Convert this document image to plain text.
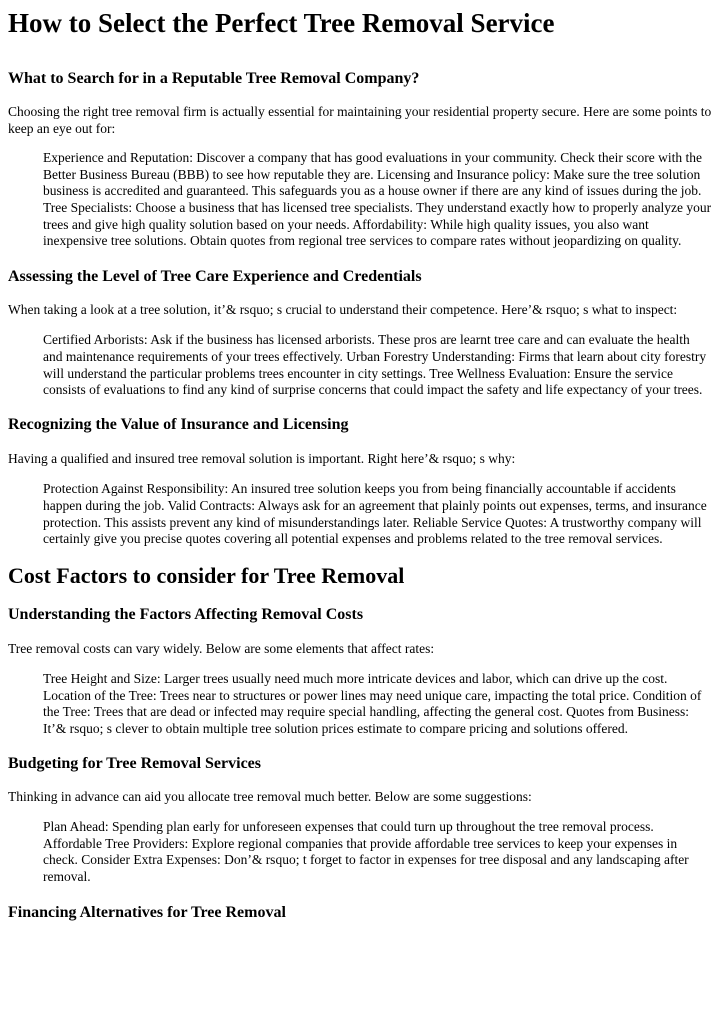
How to Select the Perfect Tree Removal Service
What to Search for in a Reputable Tree Removal Company?

Choosing the right tree removal firm is actually essential for maintaining your residential property secure. Here are some points to keep an eye out for:

Experience and Reputation: Discover a company that has good evaluations in your community. Check their score with the Better Business Bureau (BBB) to see how reputable they are. Licensing and Insurance policy: Make sure the tree solution business is accredited and guaranteed. This safeguards you as a house owner if there are any kind of issues during the job. Tree Specialists: Choose a business that has licensed tree specialists. They understand exactly how to properly analyze your trees and give high quality solution based on your needs. Affordability: While high quality issues, you also want inexpensive tree solutions. Obtain quotes from regional tree services to compare rates without jeopardizing on quality.
Assessing the Level of Tree Care Experience and Credentials

When taking a look at a tree solution, it’& rsquo; s crucial to understand their competence. Here’& rsquo; s what to inspect:

Certified Arborists: Ask if the business has licensed arborists. These pros are learnt tree care and can evaluate the health and maintenance requirements of your trees effectively. Urban Forestry Understanding: Firms that learn about city forestry will understand the particular problems trees encounter in city settings. Tree Wellness Evaluation: Ensure the service consists of evaluations to find any kind of surprise concerns that could impact the safety and life expectancy of your trees.
Recognizing the Value of Insurance and Licensing

Having a qualified and insured tree removal solution is important. Right here’& rsquo; s why:

Protection Against Responsibility: An insured tree solution keeps you from being financially accountable if accidents happen during the job. Valid Contracts: Always ask for an agreement that plainly points out expenses, terms, and insurance protection. This assists prevent any kind of misunderstandings later. Reliable Service Quotes: A trustworthy company will certainly give you precise quotes covering all potential expenses and problems related to the tree removal services.
Cost Factors to consider for Tree Removal
Understanding the Factors Affecting Removal Costs

Tree removal costs can vary widely. Below are some elements that affect rates:

Tree Height and Size: Larger trees usually need much more intricate devices and labor, which can drive up the cost. Location of the Tree: Trees near to structures or power lines may need unique care, impacting the total price. Condition of the Tree: Trees that are dead or infected may require special handling, affecting the general cost. Quotes from Business: It’& rsquo; s clever to obtain multiple tree solution prices estimate to compare pricing and solutions offered.
Budgeting for Tree Removal Services

Thinking in advance can aid you allocate tree removal much better. Below are some suggestions:

Plan Ahead: Spending plan early for unforeseen expenses that could turn up throughout the tree removal process. Affordable Tree Providers: Explore regional companies that provide affordable tree services to keep your expenses in check. Consider Extra Expenses: Don’& rsquo; t forget to factor in expenses for tree disposal and any landscaping after removal.
Financing Alternatives for Tree Removal
